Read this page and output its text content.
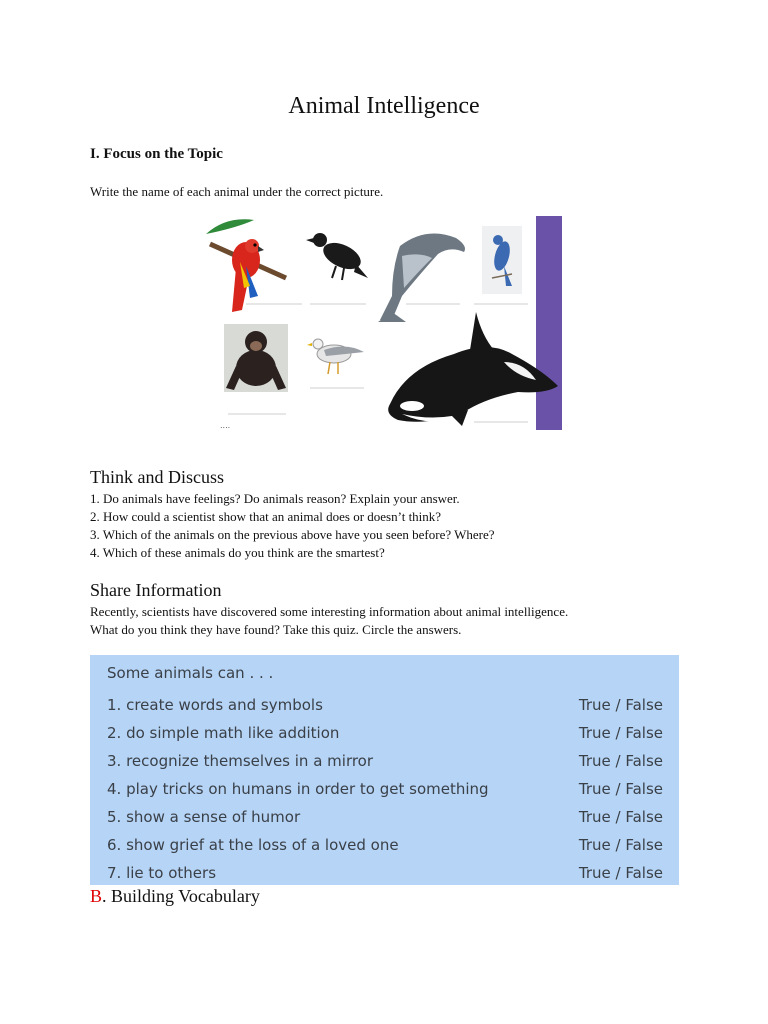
Animal Intelligence
I. Focus on the Topic
Write the name of each animal under the correct picture.
....
Think and Discuss
1. Do animals have feelings? Do animals reason? Explain your answer.
2. How could a scientist show that an animal does or doesn’t think?
3. Which of the animals on the previous above have you seen before? Where?
4. Which of these animals do you think are the smartest?
Share Information
Recently, scientists have discovered some interesting information about animal intelligence.
What do you think they have found? Take this quiz. Circle the answers.
Some animals can . . .
1. create words and symbols	True / False
2. do simple math like addition	True / False
3. recognize themselves in a mirror	True / False
4. play tricks on humans in order to get something	True / False
5. show a sense of humor	True / False
6. show grief at the loss of a loved one	True / False
7. lie to others	True / False
B. Building Vocabulary
